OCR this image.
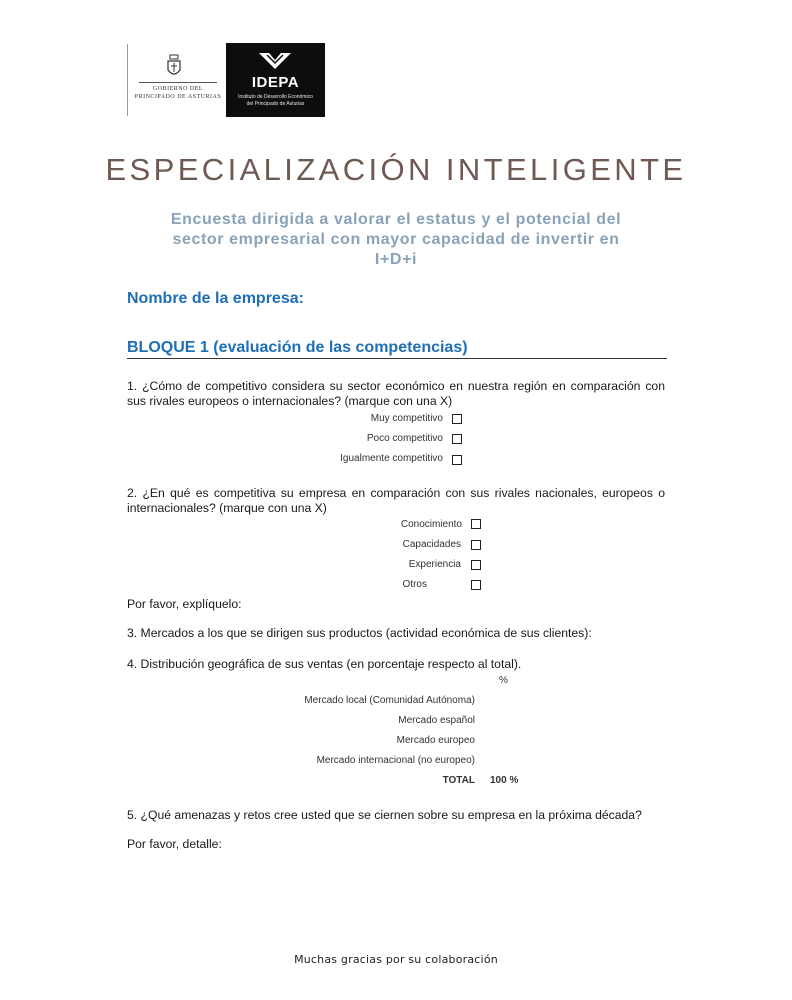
GOBIERNO DEL
PRINCIPADO DE ASTURIAS
IDEPA
Instituto de Desarrollo Económico
del Principado de Asturias
ESPECIALIZACIÓN INTELIGENTE
Encuesta dirigida a valorar el estatus y el potencial del
sector empresarial con mayor capacidad de invertir en
I+D+i
Nombre de la empresa:
BLOQUE 1 (evaluación de las competencias)
1. ¿Cómo de competitivo considera su sector económico en nuestra región en comparación con sus rivales europeos o internacionales? (marque con una X)
Muy competitivo
Poco competitivo
Igualmente competitivo
2. ¿En qué es competitiva su empresa en comparación con sus rivales nacionales, europeos o internacionales? (marque con una X)
Conocimiento
Capacidades
Experiencia
Otros
Por favor, explíquelo:
3. Mercados a los que se dirigen sus productos (actividad económica de sus clientes):
4. Distribución geográfica de sus ventas (en porcentaje respecto al total).
%
Mercado local (Comunidad Autónoma)
Mercado español
Mercado europeo
Mercado internacional (no europeo)
TOTAL 100 %
5. ¿Qué amenazas y retos cree usted que se ciernen sobre su empresa en la próxima década?
Por favor, detalle:
Muchas gracias por su colaboración
